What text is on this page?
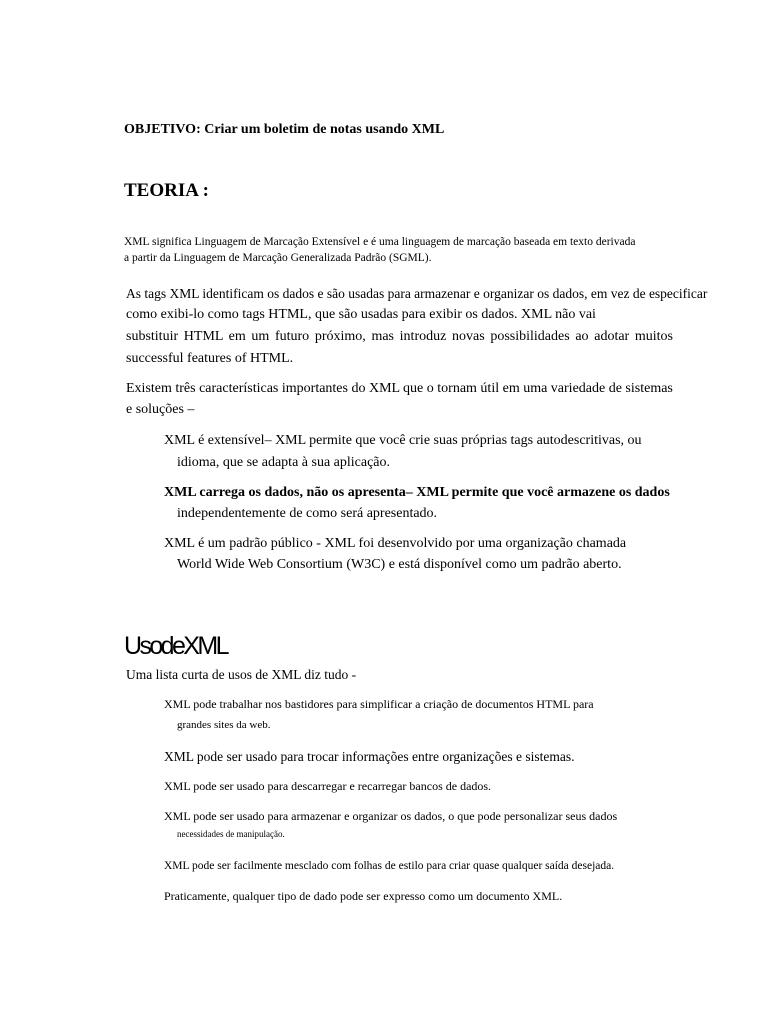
OBJETIVO: Criar um boletim de notas usando XML
TEORIA :
XML significa Linguagem de Marcação Extensível e é uma linguagem de marcação baseada em texto derivada
a partir da Linguagem de Marcação Generalizada Padrão (SGML).
As tags XML identificam os dados e são usadas para armazenar e organizar os dados, em vez de especificar
como exibi-lo como tags HTML, que são usadas para exibir os dados. XML não vai
substituir HTML em um futuro próximo, mas introduz novas possibilidades ao adotar muitos
successful features of HTML.
Existem três características importantes do XML que o tornam útil em uma variedade de sistemas
e soluções –
XML é extensível– XML permite que você crie suas próprias tags autodescritivas, ou
idioma, que se adapta à sua aplicação.
XML carrega os dados, não os apresenta– XML permite que você armazene os dados
independentemente de como será apresentado.
XML é um padrão público - XML foi desenvolvido por uma organização chamada
World Wide Web Consortium (W3C) e está disponível como um padrão aberto.
UsodeXML
Uma lista curta de usos de XML diz tudo -
XML pode trabalhar nos bastidores para simplificar a criação de documentos HTML para
grandes sites da web.
XML pode ser usado para trocar informações entre organizações e sistemas.
XML pode ser usado para descarregar e recarregar bancos de dados.
XML pode ser usado para armazenar e organizar os dados, o que pode personalizar seus dados
necessidades de manipulação.
XML pode ser facilmente mesclado com folhas de estilo para criar quase qualquer saída desejada.
Praticamente, qualquer tipo de dado pode ser expresso como um documento XML.
